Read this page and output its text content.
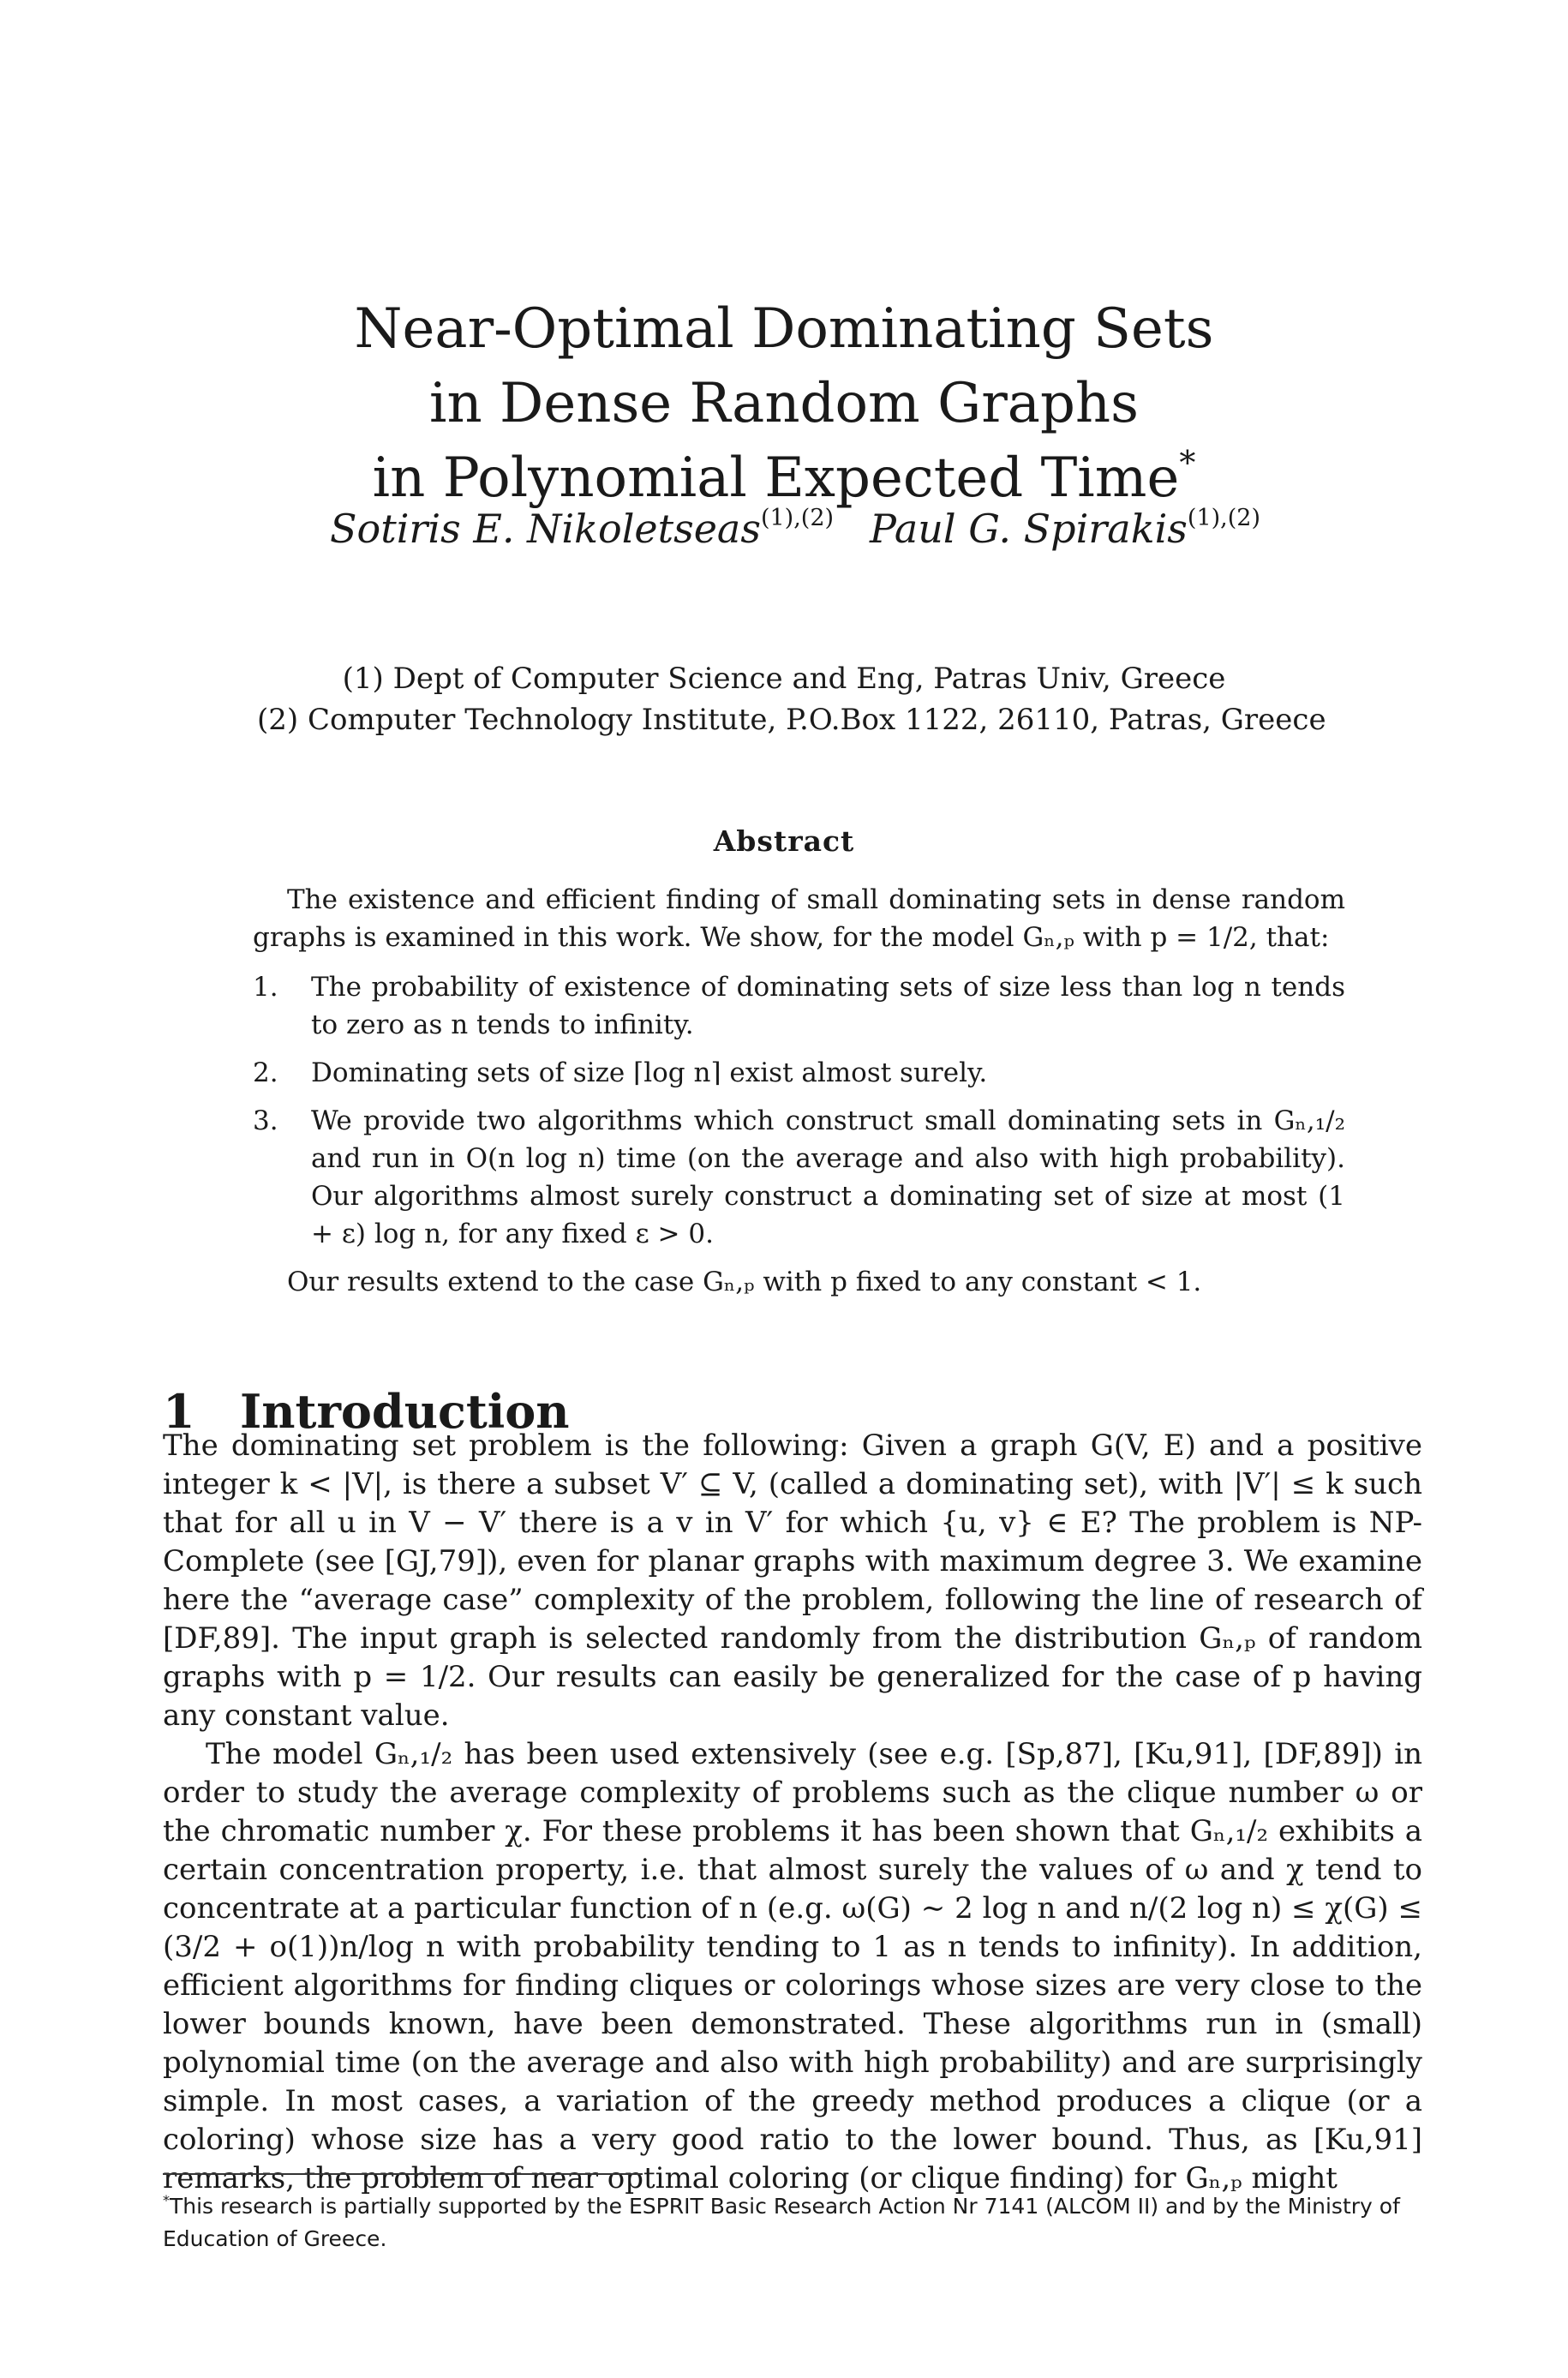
Near-Optimal Dominating Sets
in Dense Random Graphs
in Polynomial Expected Time*
Sotiris E. Nikoletseas$^{(1),(2)}$ Paul G. Spirakis$^{(1),(2)}$
(1) Dept of Computer Science and Eng, Patras Univ, Greece
(2) Computer Technology Institute, P.O.Box 1122, 26110, Patras, Greece
Abstract

The existence and efficient finding of small dominating sets in dense random graphs is examined in this work. We show, for the model Gₙ,ₚ with p = 1/2, that:

1.	The probability of existence of dominating sets of size less than log n tends to zero as n tends to infinity.
2.	Dominating sets of size ⌈log n⌉ exist almost surely.
3.	We provide two algorithms which construct small dominating sets in Gₙ,₁/₂ and run in O(n log n) time (on the average and also with high probability). Our algorithms almost surely construct a dominating set of size at most (1 + ε) log n, for any fixed ε > 0.

Our results extend to the case Gₙ,ₚ with p fixed to any constant < 1.

1 Introduction

The dominating set problem is the following: Given a graph G(V, E) and a positive integer k < |V|, is there a subset V′ ⊆ V, (called a dominating set), with |V′| ≤ k such that for all u in V − V′ there is a v in V′ for which {u, v} ∈ E? The problem is NP-Complete (see [GJ,79]), even for planar graphs with maximum degree 3. We examine here the “average case” complexity of the problem, following the line of research of [DF,89]. The input graph is selected randomly from the distribution Gₙ,ₚ of random graphs with p = 1/2. Our results can easily be generalized for the case of p having any constant value.

The model Gₙ,₁/₂ has been used extensively (see e.g. [Sp,87], [Ku,91], [DF,89]) in order to study the average complexity of problems such as the clique number ω or the chromatic number χ. For these problems it has been shown that Gₙ,₁/₂ exhibits a certain concentration property, i.e. that almost surely the values of ω and χ tend to concentrate at a particular function of n (e.g. ω(G) ∼ 2 log n and n/(2 log n) ≤ χ(G) ≤ (3/2 + o(1))n/log n with probability tending to 1 as n tends to infinity). In addition, efficient algorithms for finding cliques or colorings whose sizes are very close to the lower bounds known, have been demonstrated. These algorithms run in (small) polynomial time (on the average and also with high probability) and are surprisingly simple. In most cases, a variation of the greedy method produces a clique (or a coloring) whose size has a very good ratio to the lower bound. Thus, as [Ku,91] remarks, the problem of near optimal coloring (or clique finding) for Gₙ,ₚ might

*This research is partially supported by the ESPRIT Basic Research Action Nr 7141 (ALCOM II) and by the Ministry of Education of Greece.
